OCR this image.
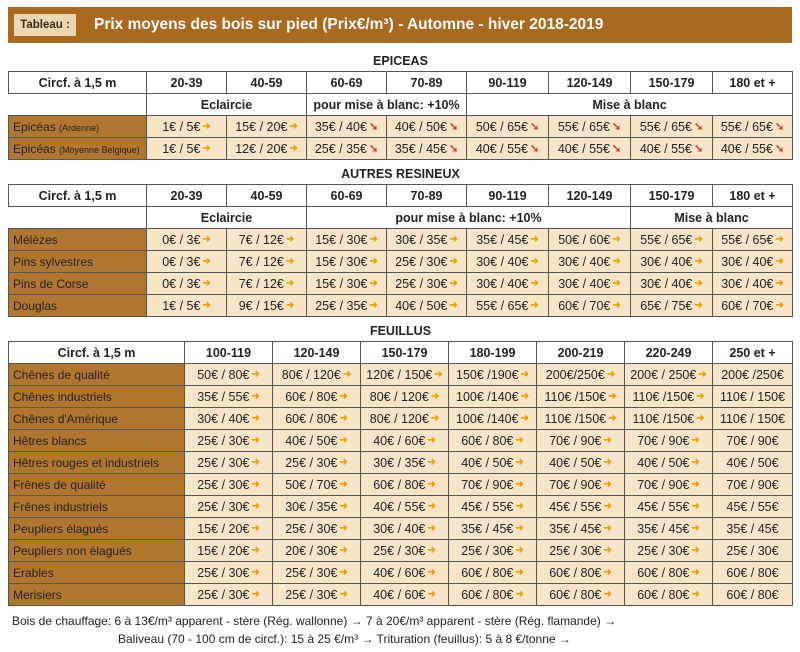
Tableau :	Prix moyens des bois sur pied (Prix€/m³) - Automne - hiver 2018-2019
EPICEAS								
Circf. à 1,5 m	20-39	40-59	60-69	70-89	90-119	120-149	150-179	180 et +
	Eclaircie		pour mise à blanc: +10%		Mise à blanc			
Epicéas (Ardenne)	1€ / 5€ ➜	15€ / 20€ ➜	35€ / 40€ ➘	40€ / 50€ ➘	50€ / 65€ ➘	55€ / 65€ ➘	55€ / 65€ ➘	55€ / 65€ ➘

Epicéas (Moyenne Belgique)	1€ / 5€ ➜	12€ / 20€ ➜	25€ / 35€ ➘	35€ / 45€ ➘	40€ / 55€ ➘	40€ / 55€ ➘	40€ / 55€ ➘	40€ / 55€ ➘
AUTRES RESINEUX								
Circf. à 1,5 m	20-39	40-59	60-69	70-89	90-119	120-149	150-179	180 et +
	Eclaircie		pour mise à blanc: +10%				Mise à blanc	
Mélèzes	0€ / 3€ ➜	7€ / 12€ ➜	15€ / 30€ ➜	30€ / 35€ ➜	35€ / 45€ ➜	50€ / 60€ ➜	55€ / 65€ ➜	55€ / 65€ ➜

Pins sylvestres	0€ / 3€ ➜	7€ / 12€ ➜	15€ / 30€ ➜	25€ / 30€ ➜	30€ / 40€ ➜	30€ / 40€ ➜	30€ / 40€ ➜	30€ / 40€ ➜

Pins de Corse	0€ / 3€ ➜	7€ / 12€ ➜	15€ / 30€ ➜	25€ / 30€ ➜	30€ / 40€ ➜	30€ / 40€ ➜	30€ / 40€ ➜	30€ / 40€ ➜

Douglas	1€ / 5€ ➜	9€ / 15€ ➜	25€ / 35€ ➜	40€ / 50€ ➜	55€ / 65€ ➜	60€ / 70€ ➜	65€ / 75€ ➜	60€ / 70€ ➜
FEUILLUS							
Circf. à 1,5 m	100-119	120-149	150-179	180-199	200-219	220-249	250 et +
Chênes de qualité	50€ / 80€ ➜	80€ / 120€ ➜	120€ / 150€ ➜	150€ /190€ ➜	200€/250€ ➜	200€ / 250€ ➜	200€ /250€

Chênes industriels	35€ / 55€ ➜	60€ / 80€ ➜	80€ / 120€ ➜	100€ /140€ ➜	110€ /150€ ➜	110€ /150€ ➜	110€ / 150€

Chênes d'Amérique	30€ / 40€ ➜	60€ / 80€ ➜	80€ / 120€ ➜	100€ /140€ ➜	110€ /150€ ➜	110€ /150€ ➜	110€ / 150€

Hêtres blancs	25€ / 30€ ➜	40€ / 50€ ➜	40€ / 60€ ➜	60€ / 80€ ➜	70€ / 90€ ➜	70€ / 90€ ➜	70€ / 90€

Hêtres rouges et industriels	25€ / 30€ ➜	25€ / 30€ ➜	30€ / 35€ ➜	40€ / 50€ ➜	40€ / 50€ ➜	40€ / 50€ ➜	40€ / 50€

Frênes de qualité	25€ / 30€ ➜	50€ / 70€ ➜	60€ / 80€ ➜	70€ / 90€ ➜	70€ / 90€ ➜	70€ / 90€ ➜	70€ / 90€

Frênes industriels	25€ / 30€ ➜	30€ / 35€ ➜	40€ / 55€ ➜	45€ / 55€ ➜	45€ / 55€ ➜	45€ / 55€ ➜	45€ / 55€

Peupliers élagués	15€ / 20€ ➜	25€ / 30€ ➜	30€ / 40€ ➜	35€ / 45€ ➜	35€ / 45€ ➜	35€ / 45€ ➜	35€ / 45€

Peupliers non élagués	15€ / 20€ ➜	20€ / 30€ ➜	25€ / 30€ ➜	25€ / 30€ ➜	25€ / 30€ ➜	25€ / 30€ ➜	25€ / 30€

Erables	25€ / 30€ ➜	25€ / 30€ ➜	40€ / 60€ ➜	60€ / 80€ ➜	60€ / 80€ ➜	60€ / 80€ ➜	60€ / 80€

Merisiers	25€ / 30€ ➜	25€ / 30€ ➜	40€ / 60€ ➜	60€ / 80€ ➜	60€ / 80€ ➜	60€ / 80€ ➜	60€ / 80€
Bois de chauffage: 6 à 13€/m³ apparent - stère (Rég. wallonne) → 7 à 20€/m³ apparent - stère (Rég. flamande) →
Baliveau (70 - 100 cm de circf.): 15 à 25 €/m³ → Trituration (feuillus): 5 à 8 €/tonne →
